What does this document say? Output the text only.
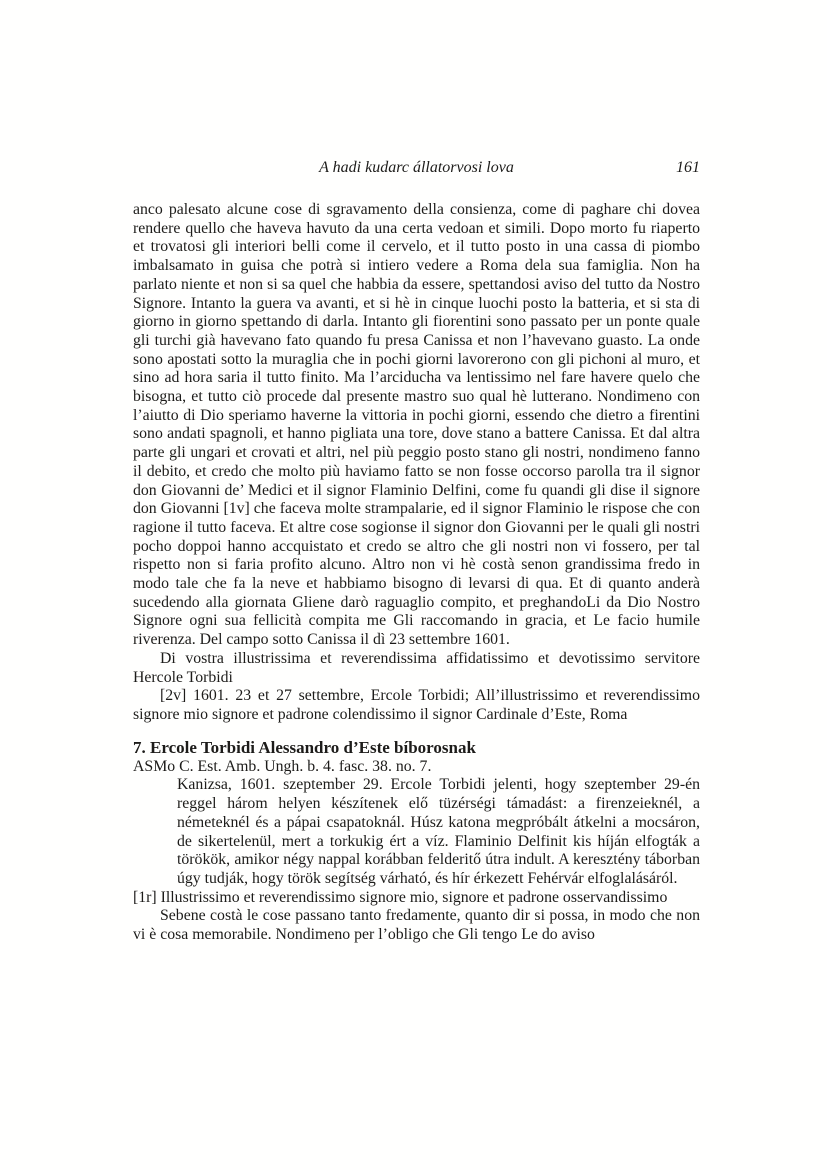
A hadi kudarc állatorvosi lova	161

anco palesato alcune cose di sgravamento della consienza, come di paghare chi dovea rendere quello che haveva havuto da una certa vedoan et simili. Dopo morto fu riaperto et trovatosi gli interiori belli come il cervelo, et il tutto posto in una cassa di piombo imbalsamato in guisa che potrà si intiero vedere a Roma dela sua famiglia. Non ha parlato niente et non si sa quel che habbia da essere, spettandosi aviso del tutto da Nostro Signore. Intanto la guera va avanti, et si hè in cinque luochi posto la batteria, et si sta di giorno in giorno spettando di darla. Intanto gli fiorentini sono passato per un ponte quale gli turchi già havevano fato quando fu presa Canissa et non l’havevano guasto. La onde sono apostati sotto la muraglia che in pochi giorni lavorerono con gli pichoni al muro, et sino ad hora saria il tutto finito. Ma l’arciducha va lentissimo nel fare havere quelo che bisogna, et tutto ciò procede dal presente mastro suo qual hè lutterano. Nondimeno con l’aiutto di Dio speriamo haverne la vittoria in pochi giorni, essendo che dietro a firentini sono andati spagnoli, et hanno pigliata una tore, dove stano a battere Canissa. Et dal altra parte gli ungari et crovati et altri, nel più peggio posto stano gli nostri, nondimeno fanno il debito, et credo che molto più haviamo fatto se non fosse occorso parolla tra il signor don Giovanni de’ Medici et il signor Flaminio Delfini, come fu quandi gli dise il signore don Giovanni [1v] che faceva molte strampalarie, ed il signor Flaminio le rispose che con ragione il tutto faceva. Et altre cose sogionse il signor don Giovanni per le quali gli nostri pocho doppoi hanno accquistato et credo se altro che gli nostri non vi fossero, per tal rispetto non si faria profito alcuno. Altro non vi hè costà senon grandissima fredo in modo tale che fa la neve et habbiamo bisogno di levarsi di qua. Et di quanto anderà sucedendo alla giornata Gliene darò raguaglio compito, et preghandoLi da Dio Nostro Signore ogni sua fellicità compita me Gli raccomando in gracia, et Le facio humile riverenza. Del campo sotto Canissa il dì 23 settembre 1601.

Di vostra illustrissima et reverendissima affidatissimo et devotissimo servitore Hercole Torbidi

[2v] 1601. 23 et 27 settembre, Ercole Torbidi; All’illustrissimo et reverendissimo signore mio signore et padrone colendissimo il signor Cardinale d’Este, Roma

7. Ercole Torbidi Alessandro d’Este bíborosnak

ASMo C. Est. Amb. Ungh. b. 4. fasc. 38. no. 7.

Kanizsa, 1601. szeptember 29. Ercole Torbidi jelenti, hogy szeptember 29-én reggel három helyen készítenek elő tüzérségi támadást: a firenzeieknél, a németeknél és a pápai csapatoknál. Húsz katona megpróbált átkelni a mocsáron, de sikertelenül, mert a torkukig ért a víz. Flaminio Delfinit kis híján elfogták a törökök, amikor négy nappal korábban felderitő útra indult. A keresztény táborban úgy tudják, hogy török segítség várható, és hír érkezett Fehérvár elfoglalásáról.

[1r] Illustrissimo et reverendissimo signore mio, signore et padrone osservandissimo

Sebene costà le cose passano tanto fredamente, quanto dir si possa, in modo che non vi è cosa memorabile. Nondimeno per l’obligo che Gli tengo Le do aviso
